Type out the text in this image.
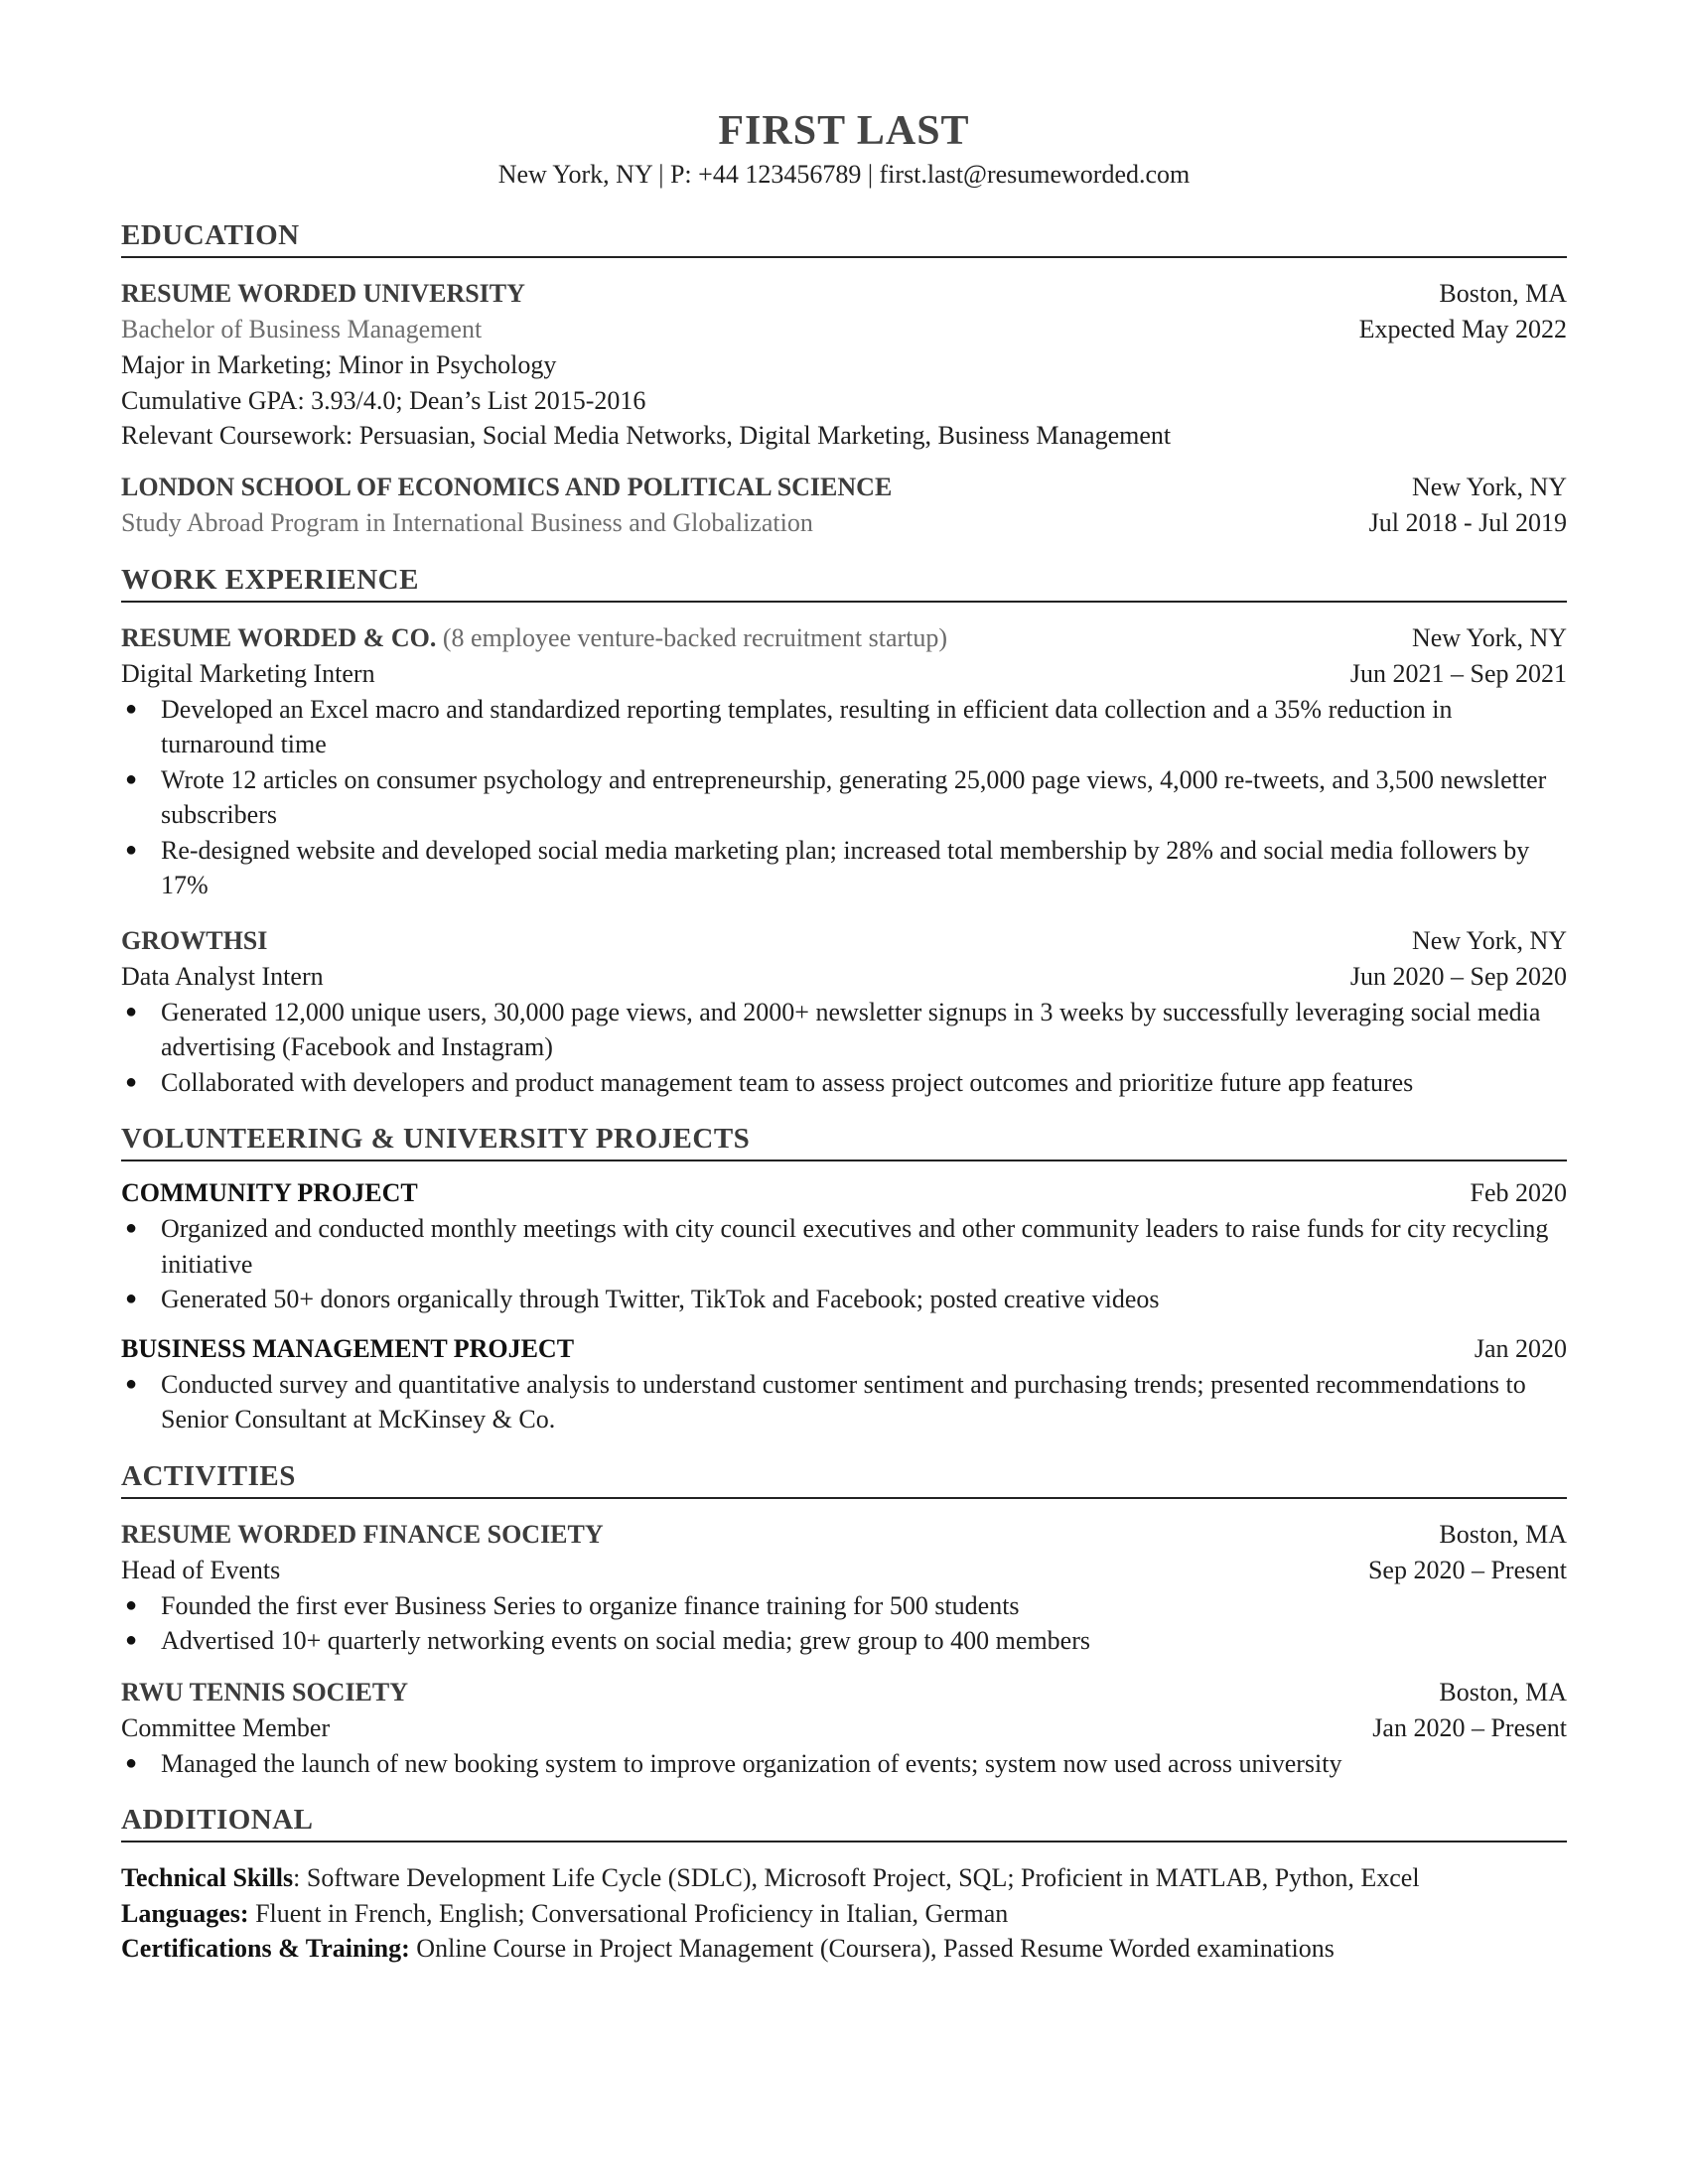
FIRST LAST
New York, NY | P: +44 123456789 | first.last@resumeworded.com
EDUCATION
RESUME WORDED UNIVERSITY	Boston, MA
Bachelor of Business Management	Expected May 2022
Major in Marketing; Minor in Psychology
Cumulative GPA: 3.93/4.0; Dean’s List 2015-2016
Relevant Coursework: Persuasian, Social Media Networks, Digital Marketing, Business Management
LONDON SCHOOL OF ECONOMICS AND POLITICAL SCIENCE	New York, NY
Study Abroad Program in International Business and Globalization	Jul 2018 - Jul 2019
WORK EXPERIENCE
RESUME WORDED & CO. (8 employee venture-backed recruitment startup)	New York, NY
Digital Marketing Intern	Jun 2021 – Sep 2021
● Developed an Excel macro and standardized reporting templates, resulting in efficient data collection and a 35% reduction in turnaround time
● Wrote 12 articles on consumer psychology and entrepreneurship, generating 25,000 page views, 4,000 re-tweets, and 3,500 newsletter subscribers
● Re-designed website and developed social media marketing plan; increased total membership by 28% and social media followers by 17%
GROWTHSI	New York, NY
Data Analyst Intern	Jun 2020 – Sep 2020
● Generated 12,000 unique users, 30,000 page views, and 2000+ newsletter signups in 3 weeks by successfully leveraging social media advertising (Facebook and Instagram)
● Collaborated with developers and product management team to assess project outcomes and prioritize future app features
VOLUNTEERING & UNIVERSITY PROJECTS
COMMUNITY PROJECT	Feb 2020
● Organized and conducted monthly meetings with city council executives and other community leaders to raise funds for city recycling initiative
● Generated 50+ donors organically through Twitter, TikTok and Facebook; posted creative videos
BUSINESS MANAGEMENT PROJECT	Jan 2020
● Conducted survey and quantitative analysis to understand customer sentiment and purchasing trends; presented recommendations to Senior Consultant at McKinsey & Co.
ACTIVITIES
RESUME WORDED FINANCE SOCIETY	Boston, MA
Head of Events	Sep 2020 – Present
● Founded the first ever Business Series to organize finance training for 500 students
● Advertised 10+ quarterly networking events on social media; grew group to 400 members
RWU TENNIS SOCIETY	Boston, MA
Committee Member	Jan 2020 – Present
● Managed the launch of new booking system to improve organization of events; system now used across university
ADDITIONAL
Technical Skills: Software Development Life Cycle (SDLC), Microsoft Project, SQL; Proficient in MATLAB, Python, Excel
Languages: Fluent in French, English; Conversational Proficiency in Italian, German
Certifications & Training: Online Course in Project Management (Coursera), Passed Resume Worded examinations
